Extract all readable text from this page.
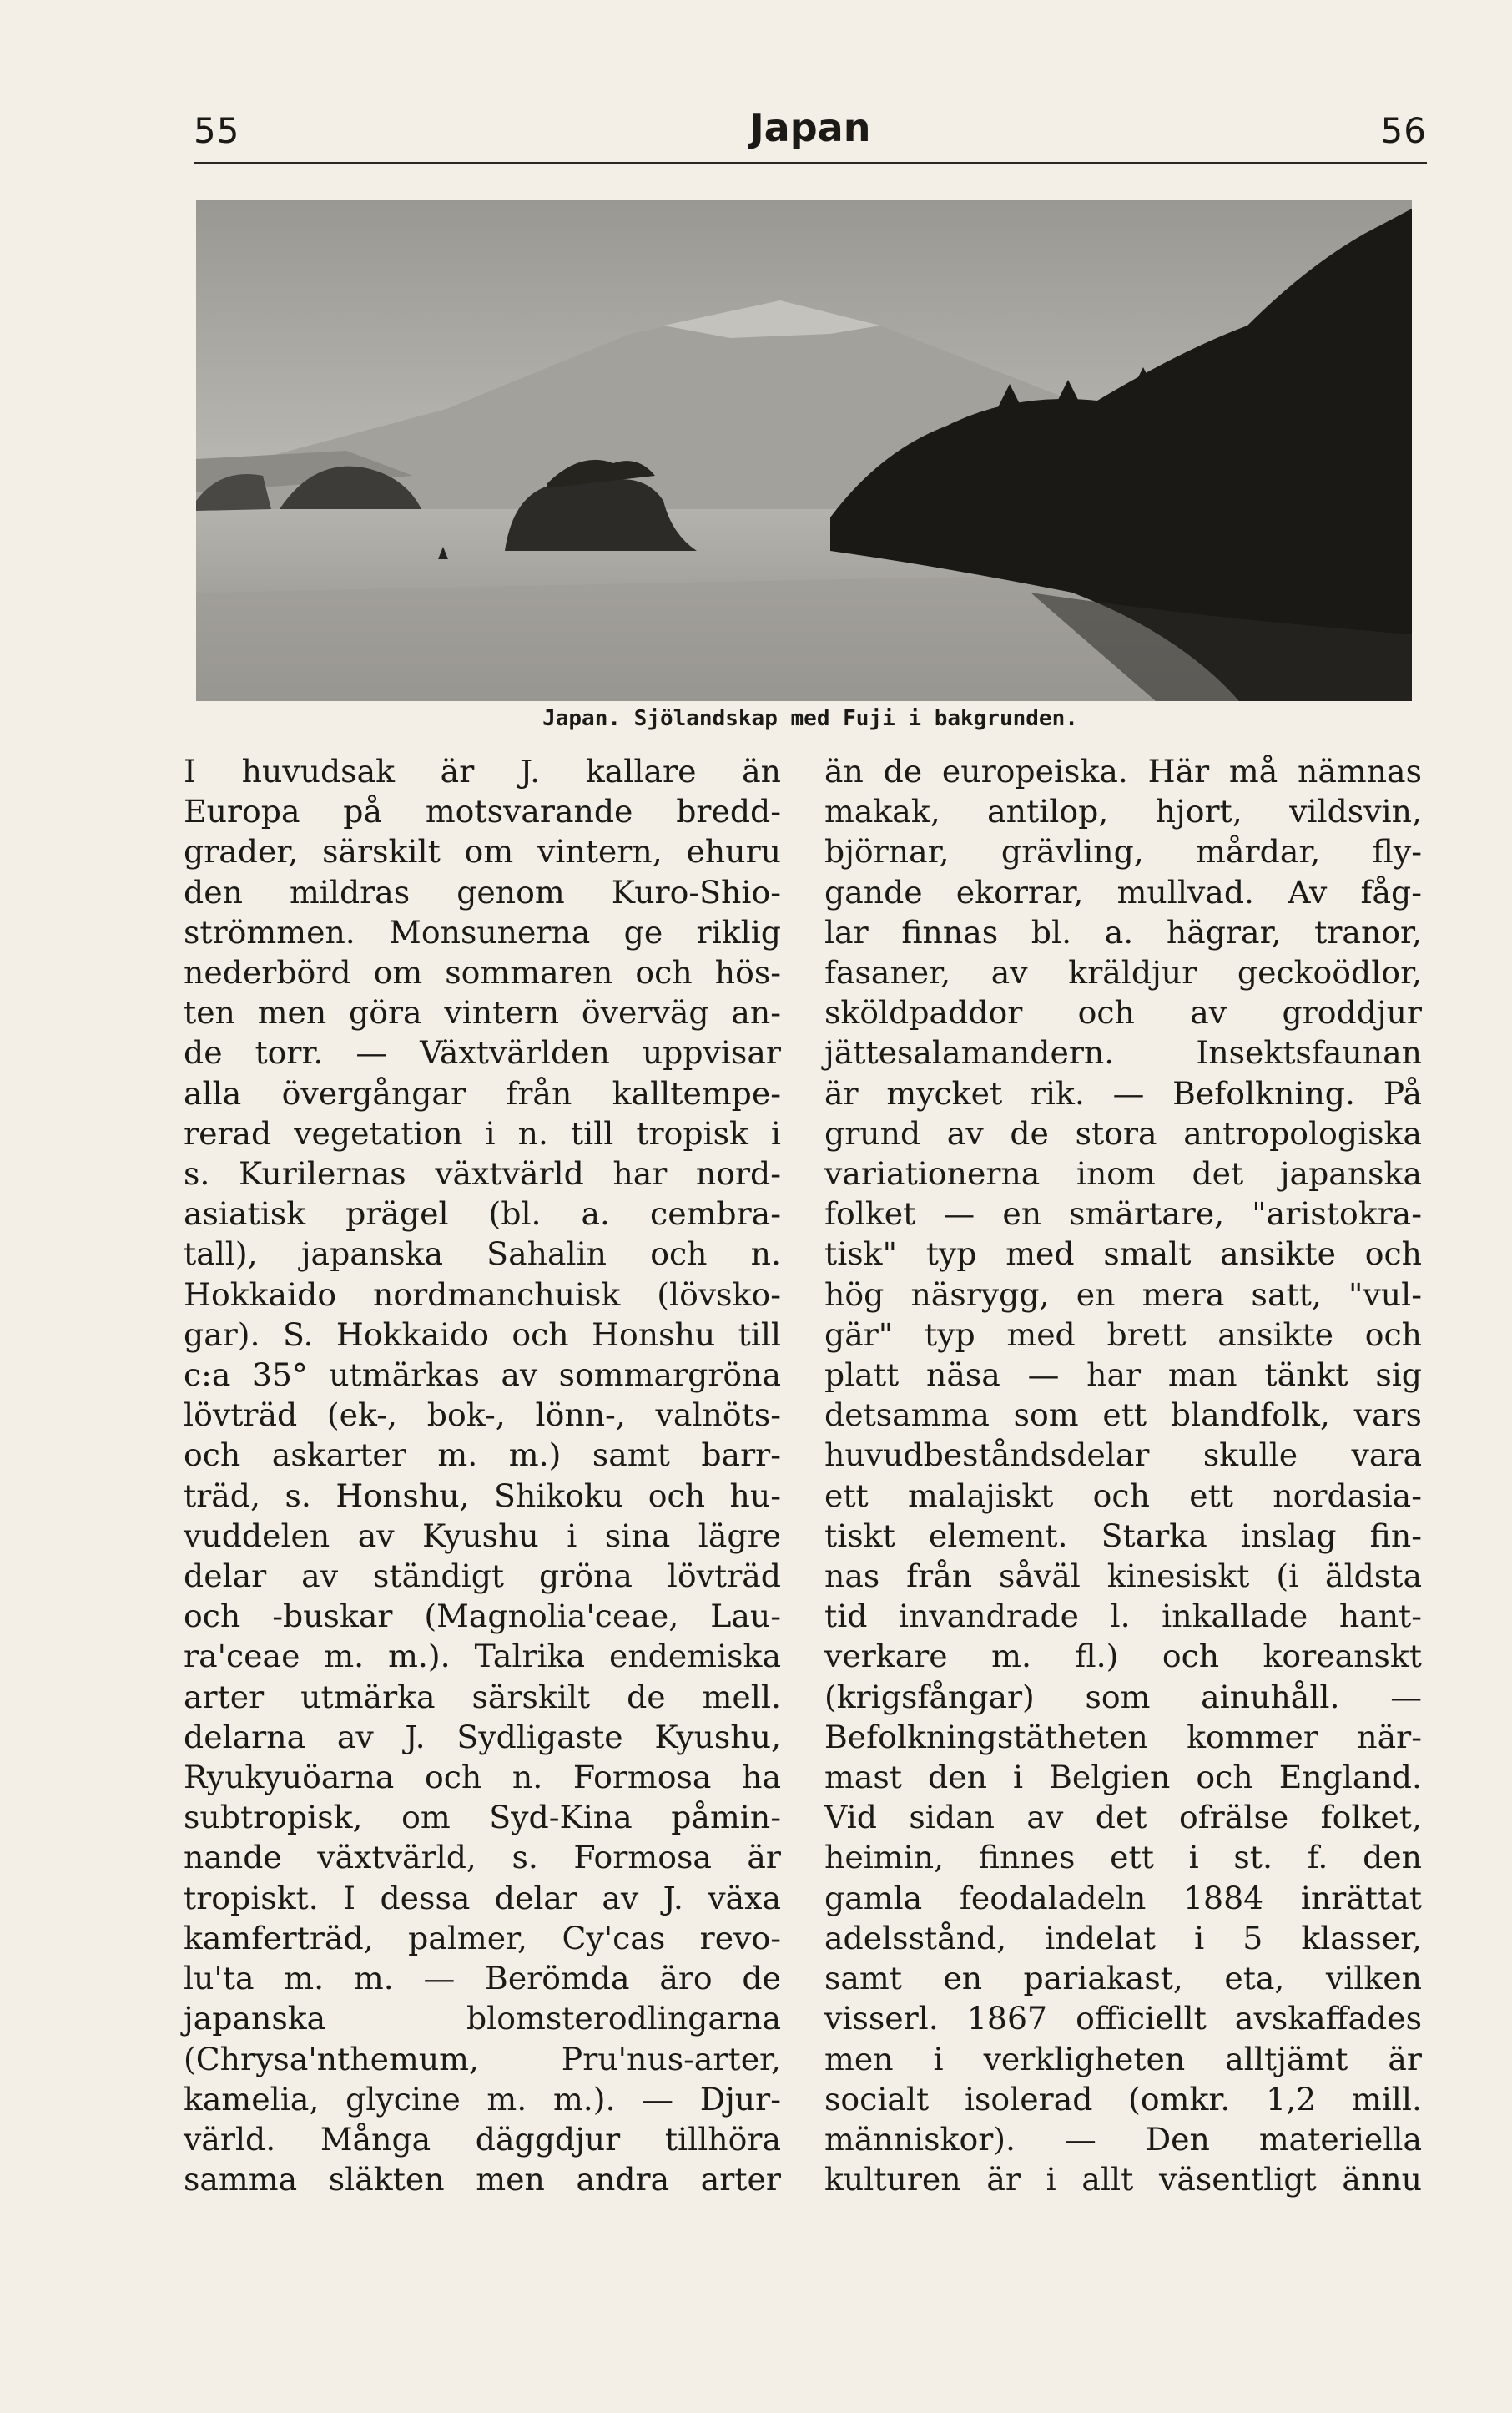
55	Japan	56
Japan. Sjölandskap med Fuji i bakgrunden.
I huvudsak är J. kallare än
Europa på motsvarande bredd-
grader, särskilt om vintern, ehuru
den mildras genom Kuro-Shio-
strömmen. Monsunerna ge riklig
nederbörd om sommaren och hös-
ten men göra vintern överväg an-
de torr. — Växtvärlden uppvisar
alla övergångar från kalltempe-
rerad vegetation i n. till tropisk i
s. Kurilernas växtvärld har nord-
asiatisk prägel (bl. a. cembra-
tall), japanska Sahalin och n.
Hokkaido nordmanchuisk (lövsko-
gar). S. Hokkaido och Honshu till
c:a 35° utmärkas av sommargröna
lövträd (ek-, bok-, lönn-, valnöts-
och askarter m. m.) samt barr-
träd, s. Honshu, Shikoku och hu-
vuddelen av Kyushu i sina lägre
delar av ständigt gröna lövträd
och -buskar (Magnolia'ceae, Lau-
ra'ceae m. m.). Talrika endemiska
arter utmärka särskilt de mell.
delarna av J. Sydligaste Kyushu,
Ryukyuöarna och n. Formosa ha
subtropisk, om Syd-Kina påmin-
nande växtvärld, s. Formosa är
tropiskt. I dessa delar av J. växa
kamferträd, palmer, Cy'cas revo-
lu'ta m. m. — Berömda äro de
japanska blomsterodlingarna
(Chrysa'nthemum, Pru'nus-arter,
kamelia, glycine m. m.). — Djur-
värld. Många däggdjur tillhöra
samma släkten men andra arter
än de europeiska. Här må nämnas
makak, antilop, hjort, vildsvin,
björnar, grävling, mårdar, fly-
gande ekorrar, mullvad. Av fåg-
lar finnas bl. a. hägrar, tranor,
fasaner, av kräldjur geckoödlor,
sköldpaddor och av groddjur
jättesalamandern. Insektsfaunan
är mycket rik. — Befolkning. På
grund av de stora antropologiska
variationerna inom det japanska
folket — en smärtare, "aristokra-
tisk" typ med smalt ansikte och
hög näsrygg, en mera satt, "vul-
gär" typ med brett ansikte och
platt näsa — har man tänkt sig
detsamma som ett blandfolk, vars
huvudbeståndsdelar skulle vara
ett malajiskt och ett nordasia-
tiskt element. Starka inslag fin-
nas från såväl kinesiskt (i äldsta
tid invandrade l. inkallade hant-
verkare m. fl.) och koreanskt
(krigsfångar) som ainuhåll. —
Befolkningstätheten kommer när-
mast den i Belgien och England.
Vid sidan av det ofrälse folket,
heimin, finnes ett i st. f. den
gamla feodaladeln 1884 inrättat
adelsstånd, indelat i 5 klasser,
samt en pariakast, eta, vilken
visserl. 1867 officiellt avskaffades
men i verkligheten alltjämt är
socialt isolerad (omkr. 1,2 mill.
människor). — Den materiella
kulturen är i allt väsentligt ännu
